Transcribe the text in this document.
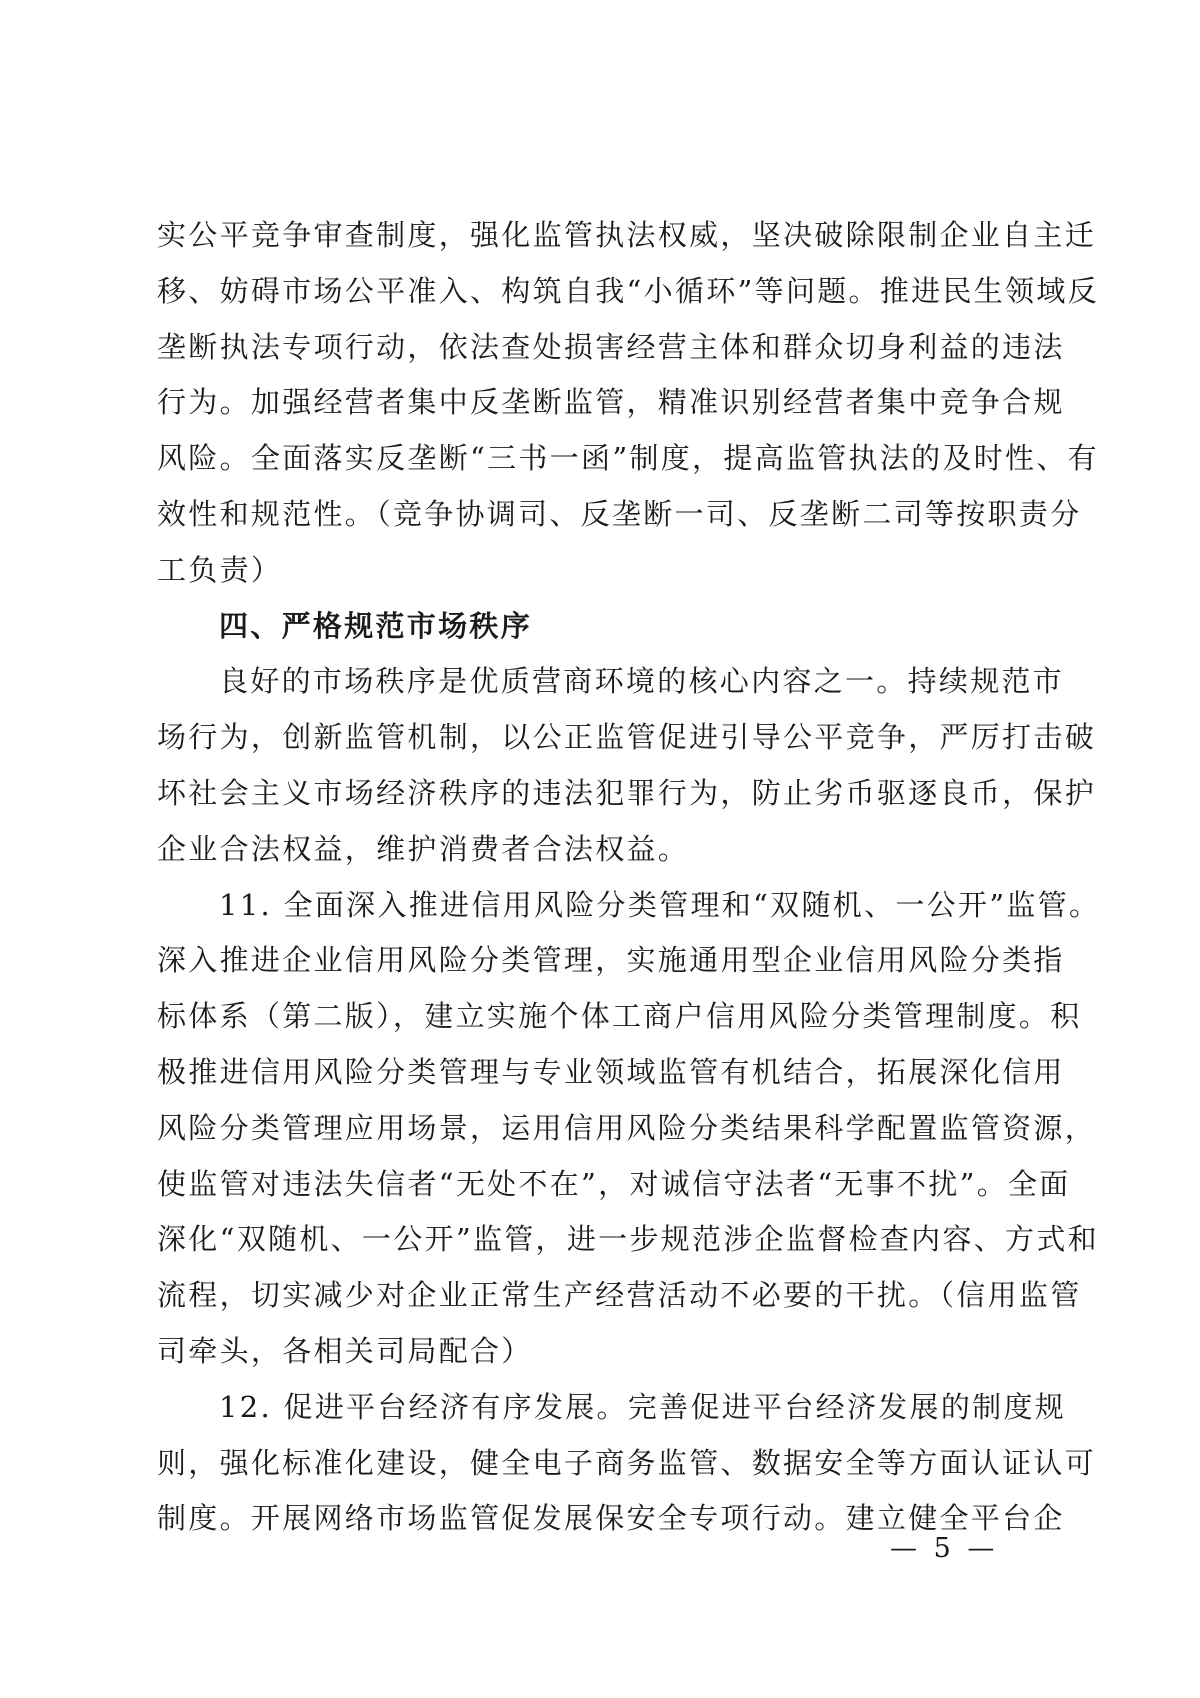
实公平竞争审查制度，强化监管执法权威，坚决破除限制企业自主迁
移、妨碍市场公平准入、构筑自我“小循环”等问题。推进民生领域反
垄断执法专项行动，依法查处损害经营主体和群众切身利益的违法
行为。加强经营者集中反垄断监管，精准识别经营者集中竞争合规
风险。全面落实反垄断“三书一函”制度，提高监管执法的及时性、有
效性和规范性。（竞争协调司、反垄断一司、反垄断二司等按职责分
工负责）
四、严格规范市场秩序
良好的市场秩序是优质营商环境的核心内容之一。持续规范市
场行为，创新监管机制，以公正监管促进引导公平竞争，严厉打击破
坏社会主义市场经济秩序的违法犯罪行为，防止劣币驱逐良币，保护
企业合法权益，维护消费者合法权益。
11. 全面深入推进信用风险分类管理和“双随机、一公开”监管。
深入推进企业信用风险分类管理，实施通用型企业信用风险分类指
标体系（第二版），建立实施个体工商户信用风险分类管理制度。积
极推进信用风险分类管理与专业领域监管有机结合，拓展深化信用
风险分类管理应用场景，运用信用风险分类结果科学配置监管资源，
使监管对违法失信者“无处不在”，对诚信守法者“无事不扰”。全面
深化“双随机、一公开”监管，进一步规范涉企监督检查内容、方式和
流程，切实减少对企业正常生产经营活动不必要的干扰。（信用监管
司牵头，各相关司局配合）
12. 促进平台经济有序发展。完善促进平台经济发展的制度规
则，强化标准化建设，健全电子商务监管、数据安全等方面认证认可
制度。开展网络市场监管促发展保安全专项行动。建立健全平台企
— 5 —
